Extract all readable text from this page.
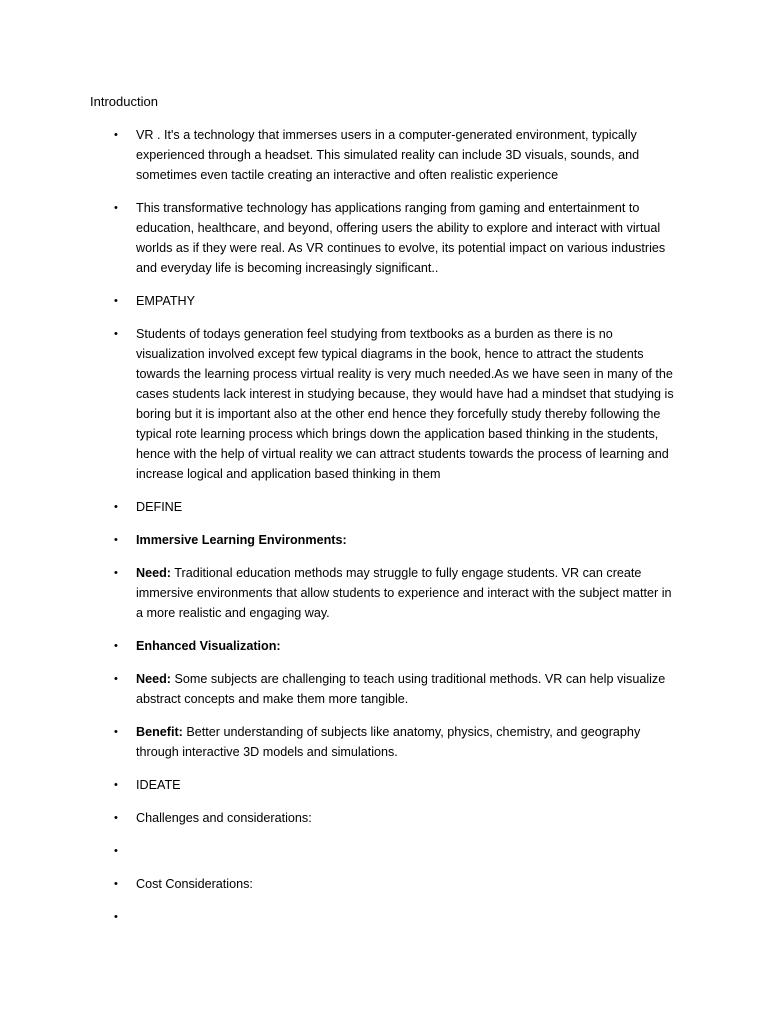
Introduction
• VR . It's a technology that immerses users in a computer-generated environment, typically experienced through a headset. This simulated reality can include 3D visuals, sounds, and sometimes even tactile creating an interactive and often realistic experience
• This transformative technology has applications ranging from gaming and entertainment to education, healthcare, and beyond, offering users the ability to explore and interact with virtual worlds as if they were real. As VR continues to evolve, its potential impact on various industries and everyday life is becoming increasingly significant..
• EMPATHY
• Students of todays generation feel studying from textbooks as a burden as there is no visualization involved except few typical diagrams in the book, hence to attract the students towards the learning process virtual reality is very much needed.As we have seen in many of the cases students lack interest in studying because, they would have had a mindset that studying is boring but it is important also at the other end hence they forcefully study thereby following the typical rote learning process which brings down the application based thinking in the students, hence with the help of virtual reality we can attract students towards the process of learning and increase logical and application based thinking in them
• DEFINE
• Immersive Learning Environments:
• Need: Traditional education methods may struggle to fully engage students. VR can create immersive environments that allow students to experience and interact with the subject matter in a more realistic and engaging way.
• Enhanced Visualization:
• Need: Some subjects are challenging to teach using traditional methods. VR can help visualize abstract concepts and make them more tangible.
• Benefit: Better understanding of subjects like anatomy, physics, chemistry, and geography through interactive 3D models and simulations.
• IDEATE
• Challenges and considerations:
•
• Cost Considerations:
•
